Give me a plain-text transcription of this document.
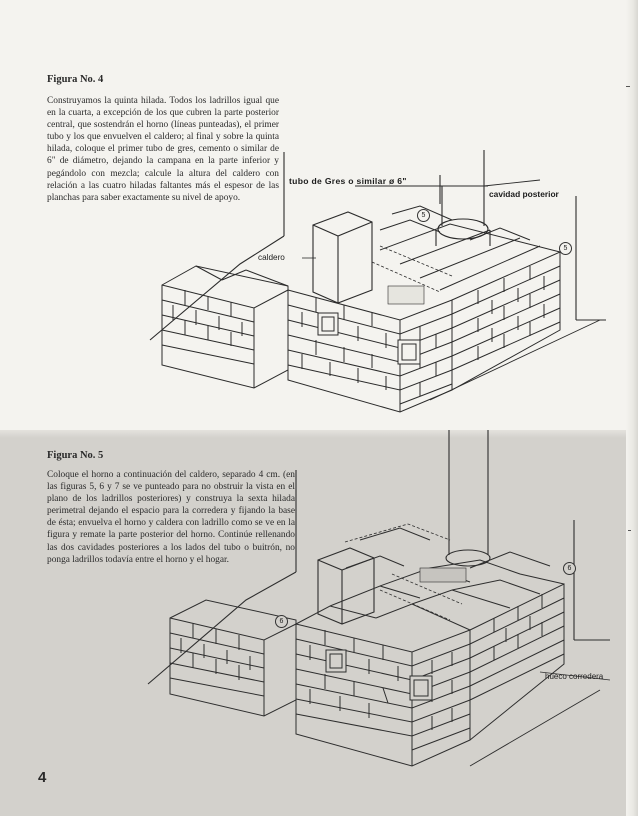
Figura No. 4

Construyamos la quinta hilada. Todos los ladrillos igual que en la cuarta, a excepción de los que cubren la parte posterior central, que sostendrán el horno (líneas punteadas), el primer tubo y los que envuelven el caldero; al final y sobre la quinta hilada, coloque el primer tubo de gres, cemento o similar de 6" de diámetro, dejando la campana en la parte inferior y pegándolo con mezcla; calcule la altura del caldero con relación a las cuatro hiladas faltantes más el espesor de las planchas para saber exactamente su nivel de apoyo.

tubo de Gres o similar ø 6"

cavidad posterior

caldero

5
5
Figura No. 5

Coloque el horno a continuación del caldero, separado 4 cm. (en las figuras 5, 6 y 7 se ve punteado para no obstruir la vista en el plano de los ladrillos posteriores) y construya la sexta hilada perimetral dejando el espacio para la corredera y fijando la base de ésta; envuelva el horno y caldera con ladrillo como se ve en la figura y remate la parte posterior del horno. Continúe rellenando las dos cavidades posteriores a los lados del tubo o buitrón, no ponga ladrillos todavía entre el horno y el hogar.

hueco corredera

6
6

4
